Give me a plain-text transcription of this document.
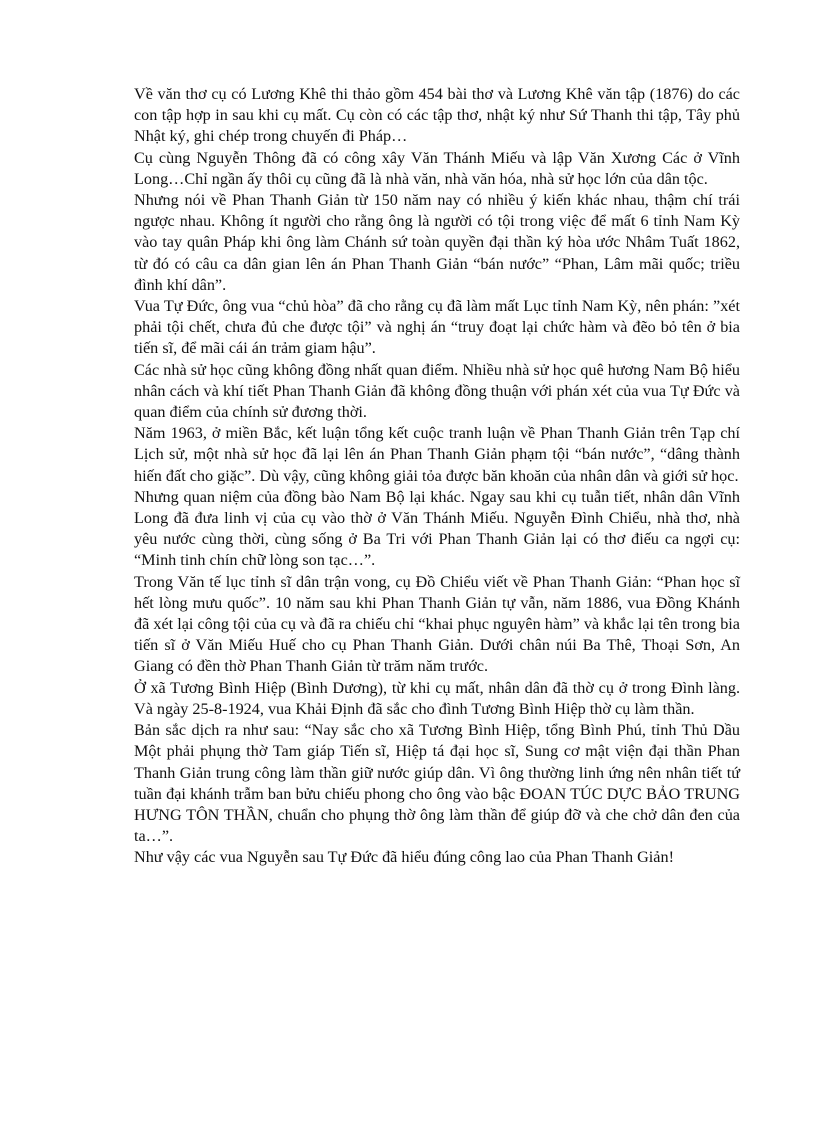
Về văn thơ cụ có Lương Khê thi thảo gồm 454 bài thơ và Lương Khê văn tập (1876) do các con tập hợp in sau khi cụ mất. Cụ còn có các tập thơ, nhật ký như Sứ Thanh thi tập, Tây phủ Nhật ký, ghi chép trong chuyến đi Pháp…

Cụ cùng Nguyễn Thông đã có công xây Văn Thánh Miếu và lập Văn Xương Các ở Vĩnh Long…Chỉ ngần ấy thôi cụ cũng đã là nhà văn, nhà văn hóa, nhà sử học lớn của dân tộc.

Nhưng nói về Phan Thanh Giản từ 150 năm nay có nhiều ý kiến khác nhau, thậm chí trái ngược nhau. Không ít người cho rằng ông là người có tội trong việc để mất 6 tỉnh Nam Kỳ vào tay quân Pháp khi ông làm Chánh sứ toàn quyền đại thần ký hòa ước Nhâm Tuất 1862, từ đó có câu ca dân gian lên án Phan Thanh Giản “bán nước” “Phan, Lâm mãi quốc; triều đình khí dân”.

Vua Tự Đức, ông vua “chủ hòa” đã cho rằng cụ đã làm mất Lục tỉnh Nam Kỳ, nên phán: ”xét phải tội chết, chưa đủ che được tội” và nghị án “truy đoạt lại chức hàm và đẽo bỏ tên ở bia tiến sĩ, để mãi cái án trảm giam hậu”.

Các nhà sử học cũng không đồng nhất quan điểm. Nhiều nhà sử học quê hương Nam Bộ hiểu nhân cách và khí tiết Phan Thanh Giản đã không đồng thuận với phán xét của vua Tự Đức và quan điểm của chính sử đương thời.

Năm 1963, ở miền Bắc, kết luận tổng kết cuộc tranh luận về Phan Thanh Giản trên Tạp chí Lịch sử, một nhà sử học đã lại lên án Phan Thanh Giản phạm tội “bán nước”, “dâng thành hiến đất cho giặc”. Dù vậy, cũng không giải tỏa được băn khoăn của nhân dân và giới sử học.

Nhưng quan niệm của đồng bào Nam Bộ lại khác. Ngay sau khi cụ tuẫn tiết, nhân dân Vĩnh Long đã đưa linh vị của cụ vào thờ ở Văn Thánh Miếu. Nguyễn Đình Chiểu, nhà thơ, nhà yêu nước cùng thời, cùng sống ở Ba Tri với Phan Thanh Giản lại có thơ điếu ca ngợi cụ: “Minh tinh chín chữ lòng son tạc…”.

Trong Văn tế lục tỉnh sĩ dân trận vong, cụ Đồ Chiểu viết về Phan Thanh Giản: “Phan học sĩ hết lòng mưu quốc”. 10 năm sau khi Phan Thanh Giản tự vẫn, năm 1886, vua Đồng Khánh đã xét lại công tội của cụ và đã ra chiếu chỉ “khai phục nguyên hàm” và khắc lại tên trong bia tiến sĩ ở Văn Miếu Huế cho cụ Phan Thanh Giản. Dưới chân núi Ba Thê, Thoại Sơn, An Giang có đền thờ Phan Thanh Giản từ trăm năm trước.

Ở xã Tương Bình Hiệp (Bình Dương), từ khi cụ mất, nhân dân đã thờ cụ ở trong Đình làng. Và ngày 25-8-1924, vua Khải Định đã sắc cho đình Tương Bình Hiệp thờ cụ làm thần.

Bản sắc dịch ra như sau: “Nay sắc cho xã Tương Bình Hiệp, tổng Bình Phú, tỉnh Thủ Dầu Một phải phụng thờ Tam giáp Tiến sĩ, Hiệp tá đại học sĩ, Sung cơ mật viện đại thần Phan Thanh Giản trung công làm thần giữ nước giúp dân. Vì ông thường linh ứng nên nhân tiết tứ tuần đại khánh trẫm ban bửu chiếu phong cho ông vào bậc ĐOAN TÚC DỰC BẢO TRUNG HƯNG TÔN THẦN, chuẩn cho phụng thờ ông làm thần để giúp đỡ và che chở dân đen của ta…”.

Như vậy các vua Nguyễn sau Tự Đức đã hiểu đúng công lao của Phan Thanh Giản!
